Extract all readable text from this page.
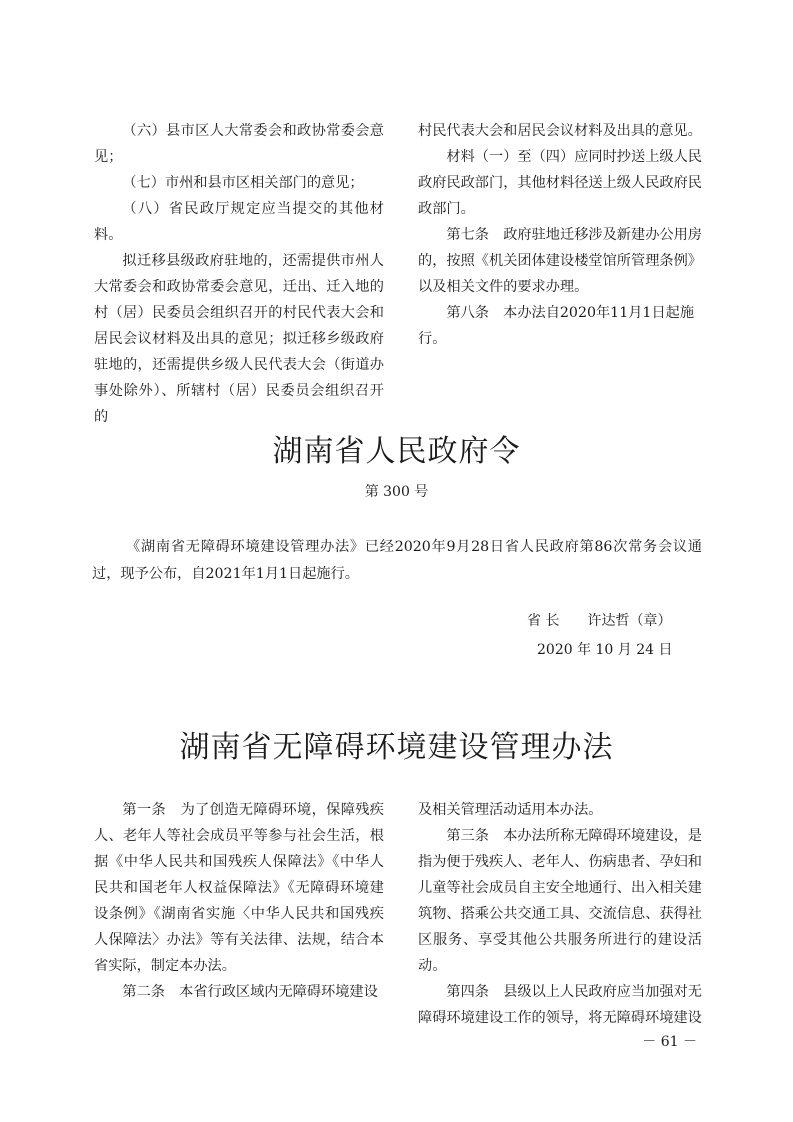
（六）县市区人大常委会和政协常委会意见；

（七）市州和县市区相关部门的意见；

（八）省民政厅规定应当提交的其他材料。

拟迁移县级政府驻地的，还需提供市州人大常委会和政协常委会意见，迁出、迁入地的村（居）民委员会组织召开的村民代表大会和居民会议材料及出具的意见；拟迁移乡级政府驻地的，还需提供乡级人民代表大会（街道办事处除外）、所辖村（居）民委员会组织召开的

村民代表大会和居民会议材料及出具的意见。

材料（一）至（四）应同时抄送上级人民政府民政部门，其他材料径送上级人民政府民政部门。

第七条　政府驻地迁移涉及新建办公用房的，按照《机关团体建设楼堂馆所管理条例》以及相关文件的要求办理。

第八条　本办法自2020年11月1日起施行。

湖南省人民政府令
第 300 号

《湖南省无障碍环境建设管理办法》已经2020年9月28日省人民政府第86次常务会议通过，现予公布，自2021年1月1日起施行。

省 长　　许达哲（章）
2020 年 10 月 24 日
湖南省无障碍环境建设管理办法

第一条　为了创造无障碍环境，保障残疾人、老年人等社会成员平等参与社会生活，根据《中华人民共和国残疾人保障法》《中华人民共和国老年人权益保障法》《无障碍环境建设条例》《湖南省实施〈中华人民共和国残疾人保障法〉办法》等有关法律、法规，结合本省实际，制定本办法。

第二条　本省行政区域内无障碍环境建设

及相关管理活动适用本办法。

第三条　本办法所称无障碍环境建设，是指为便于残疾人、老年人、伤病患者、孕妇和儿童等社会成员自主安全地通行、出入相关建筑物、搭乘公共交通工具、交流信息、获得社区服务、享受其他公共服务所进行的建设活动。

第四条　县级以上人民政府应当加强对无障碍环境建设工作的领导，将无障碍环境建设

－ 61 －
